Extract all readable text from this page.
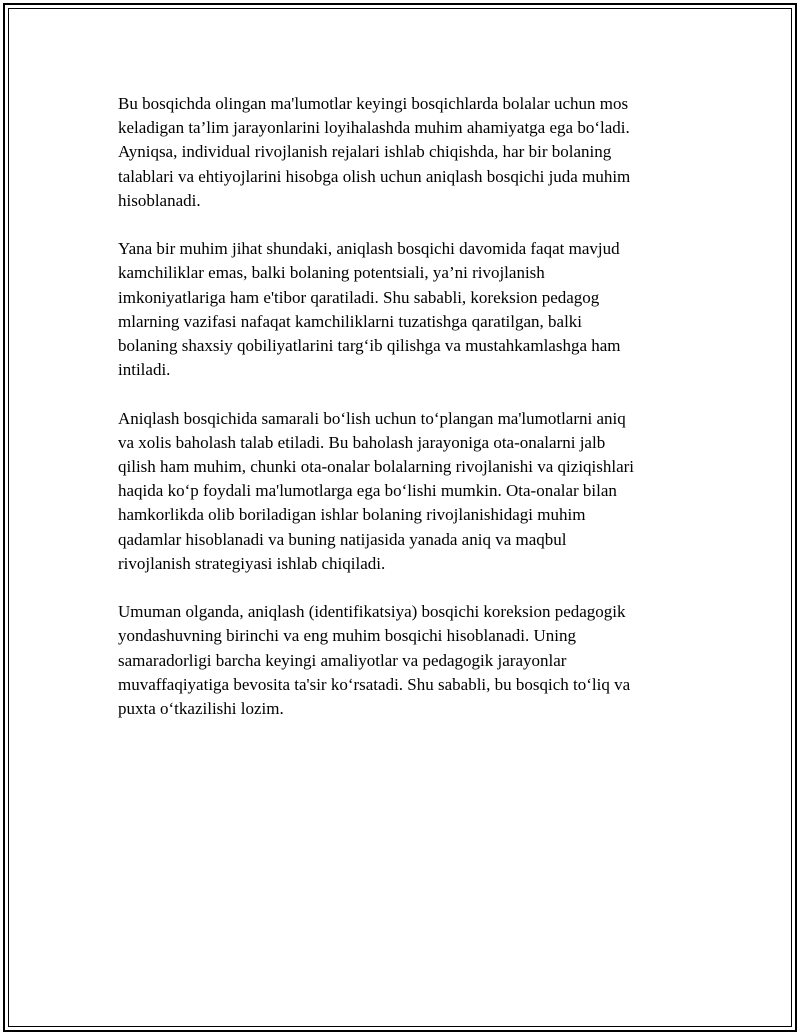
Bu bosqichda olingan ma'lumotlar keyingi bosqichlarda bolalar uchun mos
keladigan ta’lim jarayonlarini loyihalashda muhim ahamiyatga ega bo‘ladi.
Ayniqsa, individual rivojlanish rejalari ishlab chiqishda, har bir bolaning
talablari va ehtiyojlarini hisobga olish uchun aniqlash bosqichi juda muhim
hisoblanadi.

Yana bir muhim jihat shundaki, aniqlash bosqichi davomida faqat mavjud
kamchiliklar emas, balki bolaning potentsiali, ya’ni rivojlanish
imkoniyatlariga ham e'tibor qaratiladi. Shu sababli, koreksion pedagog
mlarning vazifasi nafaqat kamchiliklarni tuzatishga qaratilgan, balki
bolaning shaxsiy qobiliyatlarini targ‘ib qilishga va mustahkamlashga ham
intiladi.

Aniqlash bosqichida samarali bo‘lish uchun to‘plangan ma'lumotlarni aniq
va xolis baholash talab etiladi. Bu baholash jarayoniga ota-onalarni jalb
qilish ham muhim, chunki ota-onalar bolalarning rivojlanishi va qiziqishlari
haqida ko‘p foydali ma'lumotlarga ega bo‘lishi mumkin. Ota-onalar bilan
hamkorlikda olib boriladigan ishlar bolaning rivojlanishidagi muhim
qadamlar hisoblanadi va buning natijasida yanada aniq va maqbul
rivojlanish strategiyasi ishlab chiqiladi.

Umuman olganda, aniqlash (identifikatsiya) bosqichi koreksion pedagogik
yondashuvning birinchi va eng muhim bosqichi hisoblanadi. Uning
samaradorligi barcha keyingi amaliyotlar va pedagogik jarayonlar
muvaffaqiyatiga bevosita ta'sir ko‘rsatadi. Shu sababli, bu bosqich to‘liq va
puxta o‘tkazilishi lozim.
